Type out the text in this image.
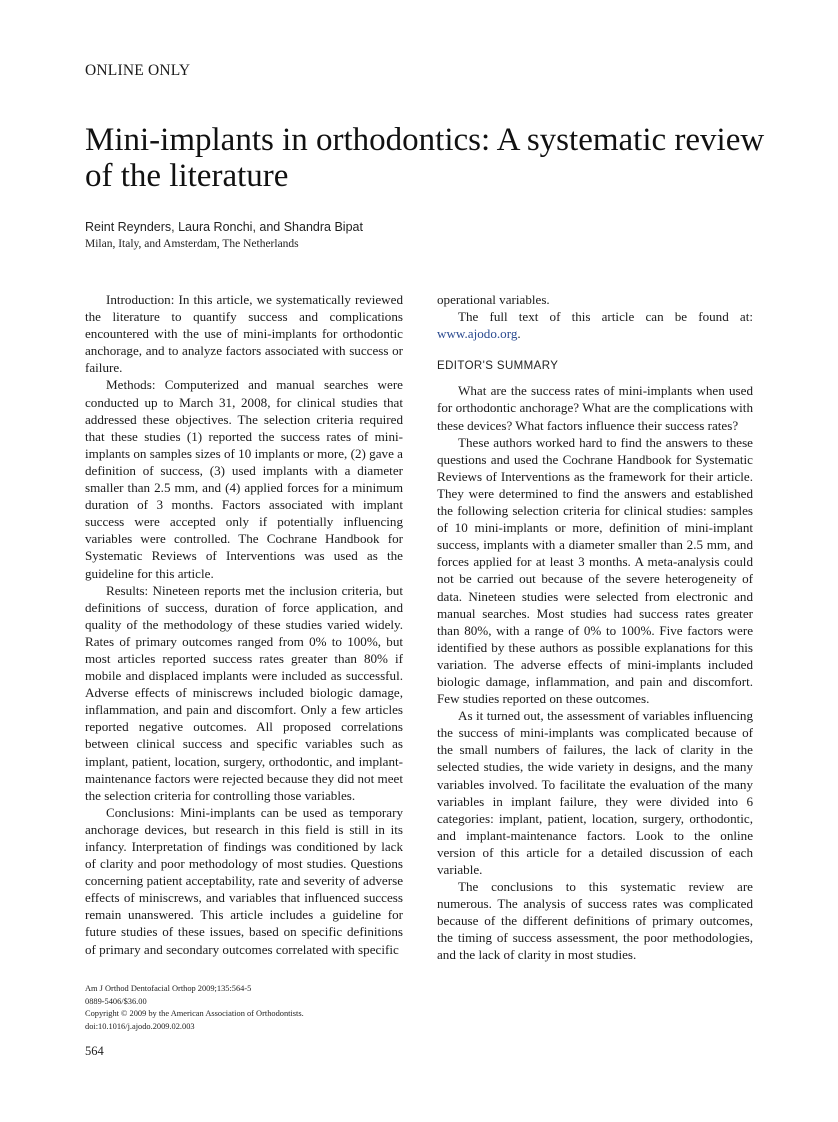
ONLINE ONLY
Mini-implants in orthodontics: A systematic review of the literature
Reint Reynders, Laura Ronchi, and Shandra Bipat
Milan, Italy, and Amsterdam, The Netherlands

Introduction: In this article, we systematically reviewed the literature to quantify success and complications encountered with the use of mini-implants for orthodontic anchorage, and to analyze factors associated with success or failure.

Methods: Computerized and manual searches were conducted up to March 31, 2008, for clinical studies that addressed these objectives. The selection criteria required that these studies (1) reported the success rates of mini-implants on samples sizes of 10 implants or more, (2) gave a definition of success, (3) used implants with a diameter smaller than 2.5 mm, and (4) applied forces for a minimum duration of 3 months. Factors associated with implant success were accepted only if potentially influencing variables were controlled. The Cochrane Handbook for Systematic Reviews of Interventions was used as the guideline for this article.

Results: Nineteen reports met the inclusion criteria, but definitions of success, duration of force application, and quality of the methodology of these studies varied widely. Rates of primary outcomes ranged from 0% to 100%, but most articles reported success rates greater than 80% if mobile and displaced implants were included as successful. Adverse effects of miniscrews included biologic damage, inflammation, and pain and discomfort. Only a few articles reported negative outcomes. All proposed correlations between clinical success and specific variables such as implant, patient, location, surgery, orthodontic, and implant-maintenance factors were rejected because they did not meet the selection criteria for controlling those variables.

Conclusions: Mini-implants can be used as temporary anchorage devices, but research in this field is still in its infancy. Interpretation of findings was conditioned by lack of clarity and poor methodology of most studies. Questions concerning patient acceptability, rate and severity of adverse effects of miniscrews, and variables that influenced success remain unanswered. This article includes a guideline for future studies of these issues, based on specific definitions of primary and secondary outcomes correlated with specific

operational variables.

The full text of this article can be found at: www.ajodo.org.

EDITOR'S SUMMARY

What are the success rates of mini-implants when used for orthodontic anchorage? What are the complications with these devices? What factors influence their success rates?

These authors worked hard to find the answers to these questions and used the Cochrane Handbook for Systematic Reviews of Interventions as the framework for their article. They were determined to find the answers and established the following selection criteria for clinical studies: samples of 10 mini-implants or more, definition of mini-implant success, implants with a diameter smaller than 2.5 mm, and forces applied for at least 3 months. A meta-analysis could not be carried out because of the severe heterogeneity of data. Nineteen studies were selected from electronic and manual searches. Most studies had success rates greater than 80%, with a range of 0% to 100%. Five factors were identified by these authors as possible explanations for this variation. The adverse effects of mini-implants included biologic damage, inflammation, and pain and discomfort. Few studies reported on these outcomes.

As it turned out, the assessment of variables influencing the success of mini-implants was complicated because of the small numbers of failures, the lack of clarity in the selected studies, the wide variety in designs, and the many variables involved. To facilitate the evaluation of the many variables in implant failure, they were divided into 6 categories: implant, patient, location, surgery, orthodontic, and implant-maintenance factors. Look to the online version of this article for a detailed discussion of each variable.

The conclusions to this systematic review are numerous. The analysis of success rates was complicated because of the different definitions of primary outcomes, the timing of success assessment, the poor methodologies, and the lack of clarity in most studies.

Am J Orthod Dentofacial Orthop 2009;135:564-5
0889-5406/$36.00
Copyright © 2009 by the American Association of Orthodontists.
doi:10.1016/j.ajodo.2009.02.003
564
